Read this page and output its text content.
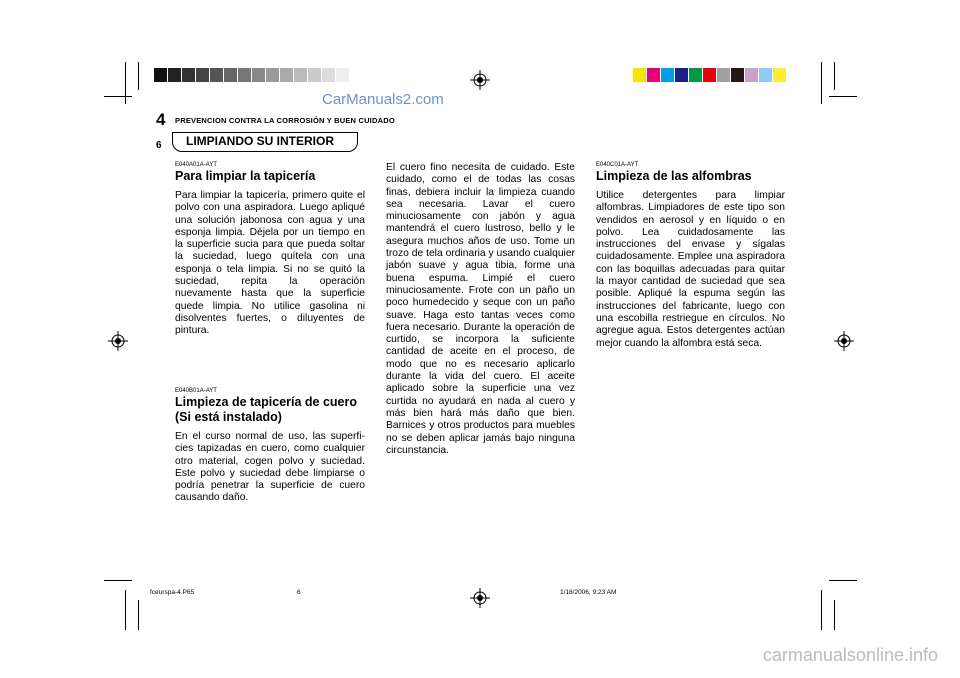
CarManuals2.com
4 PREVENCION CONTRA LA CORROSIÓN Y BUEN CUIDADO
LIMPIANDO SU INTERIOR
6
E040A01A-AYT
Para limpiar la tapicería
Para limpiar la tapicería, primero quite el polvo con una aspiradora. Luego apliqué una solución jabonosa con agua y una esponja limpia. Déjela por un tiempo en la superficie sucia para que pueda soltar la suciedad, luego quítela con una esponja o tela limpia. Si no se quitó la suciedad, repita la operación nuevamente hasta que la superficie quede limpia. No utilice gasolina ni disolventes fuertes, o diluyentes de pintura.
E040B01A-AYT
Limpieza de tapicería de cuero (Si está instalado)
En el curso normal de uso, las superfi-cies tapizadas en cuero, como cualquier otro material, cogen polvo y suciedad. Este polvo y suciedad debe limpiarse o podría penetrar la superficie de cuero causando daño.
El cuero fino necesita de cuidado. Este cuidado, como el de todas las cosas finas, debiera incluir la limpieza cuando sea necesaria. Lavar el cuero minuciosamente con jabón y agua mantendrá el cuero lustroso, bello y le asegura muchos años de uso. Tome un trozo de tela ordinaria y usando cualquier jabón suave y agua tibia, forme una buena espuma. Limpié el cuero minuciosamente. Frote con un paño un poco humedecido y seque con un paño suave. Haga esto tantas veces como fuera necesario. Durante la operación de curtido, se incorpora la suficiente cantidad de aceite en el proceso, de modo que no es necesario aplicarlo durante la vida del cuero. El aceite aplicado sobre la superficie una vez curtida no ayudará en nada al cuero y más bien hará más daño que bien. Barnices y otros productos para muebles no se deben aplicar jamás bajo ninguna circunstancia.
E040C01A-AYT
Limpieza de las alfombras
Utilice detergentes para limpiar alfombras. Limpiadores de este tipo son vendidos en aerosol y en líquido o en polvo. Lea cuidadosamente las instrucciones del envase y sígalas cuidadosamente. Emplee una aspiradora con las boquillas adecuadas para quitar la mayor cantidad de suciedad que sea posible. Apliqué la espuma según las instrucciones del fabricante, luego con una escobilla restriegue en círculos. No agregue agua. Estos detergentes actúan mejor cuando la alfombra está seca.
fceurspa-4.P65	6	1/18/2006, 9:23 AM
carmanualsonline.info
